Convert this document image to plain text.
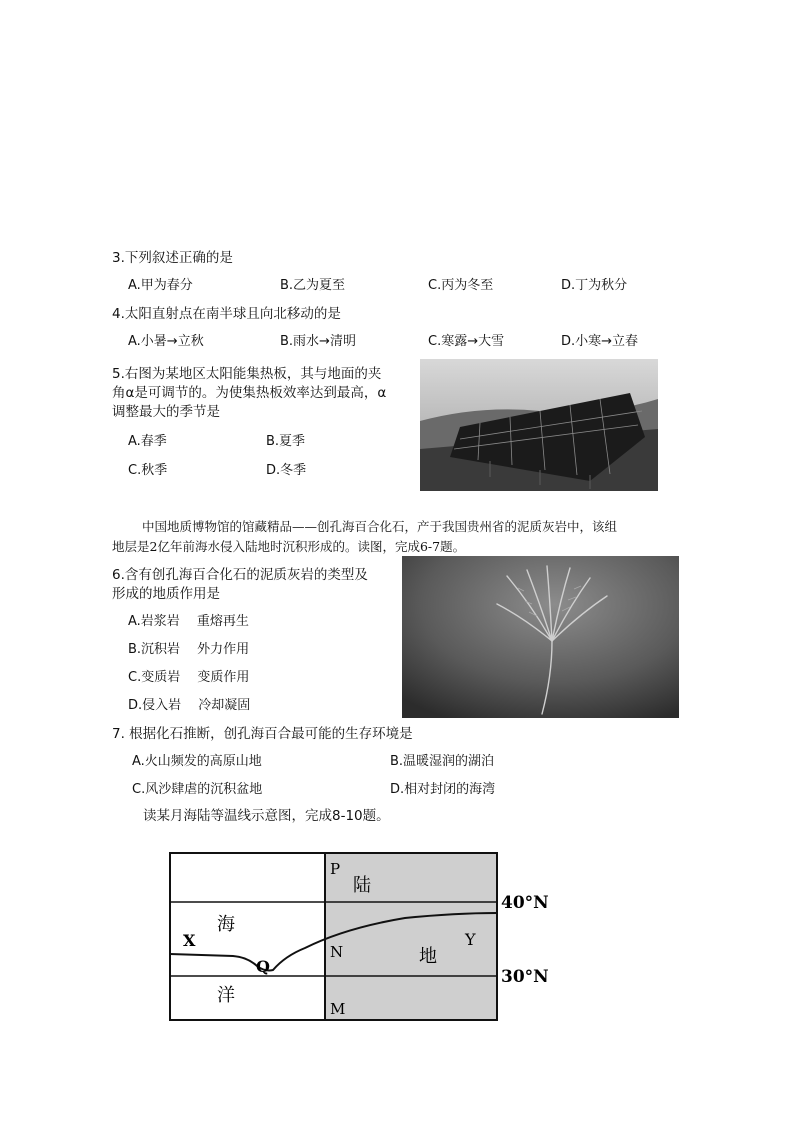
3.下列叙述正确的是
A.甲为春分	B.乙为夏至	C.丙为冬至	D.丁为秋分
4.太阳直射点在南半球且向北移动的是
A.小暑→立秋	B.雨水→清明	C.寒露→大雪	D.小寒→立春
5.右图为某地区太阳能集热板，其与地面的夹
角α是可调节的。为使集热板效率达到最高，α
调整最大的季节是
A.春季	B.夏季
C.秋季	D.冬季
中国地质博物馆的馆藏精品——创孔海百合化石，产于我国贵州省的泥质灰岩中，该组
地层是2亿年前海水侵入陆地时沉积形成的。读图，完成6-7题。
6.含有创孔海百合化石的泥质灰岩的类型及
形成的地质作用是
A.岩浆岩　 重熔再生
B.沉积岩　 外力作用
C.变质岩　 变质作用
D.侵入岩　 冷却凝固
7. 根据化石推断，创孔海百合最可能的生存环境是
A.火山频发的高原山地	B.温暖湿润的湖泊
C.风沙肆虐的沉积盆地	D.相对封闭的海湾
读某月海陆等温线示意图，完成8-10题。
陆
地
海
洋
P
N
M
X
Q
Y
40°N
30°N
